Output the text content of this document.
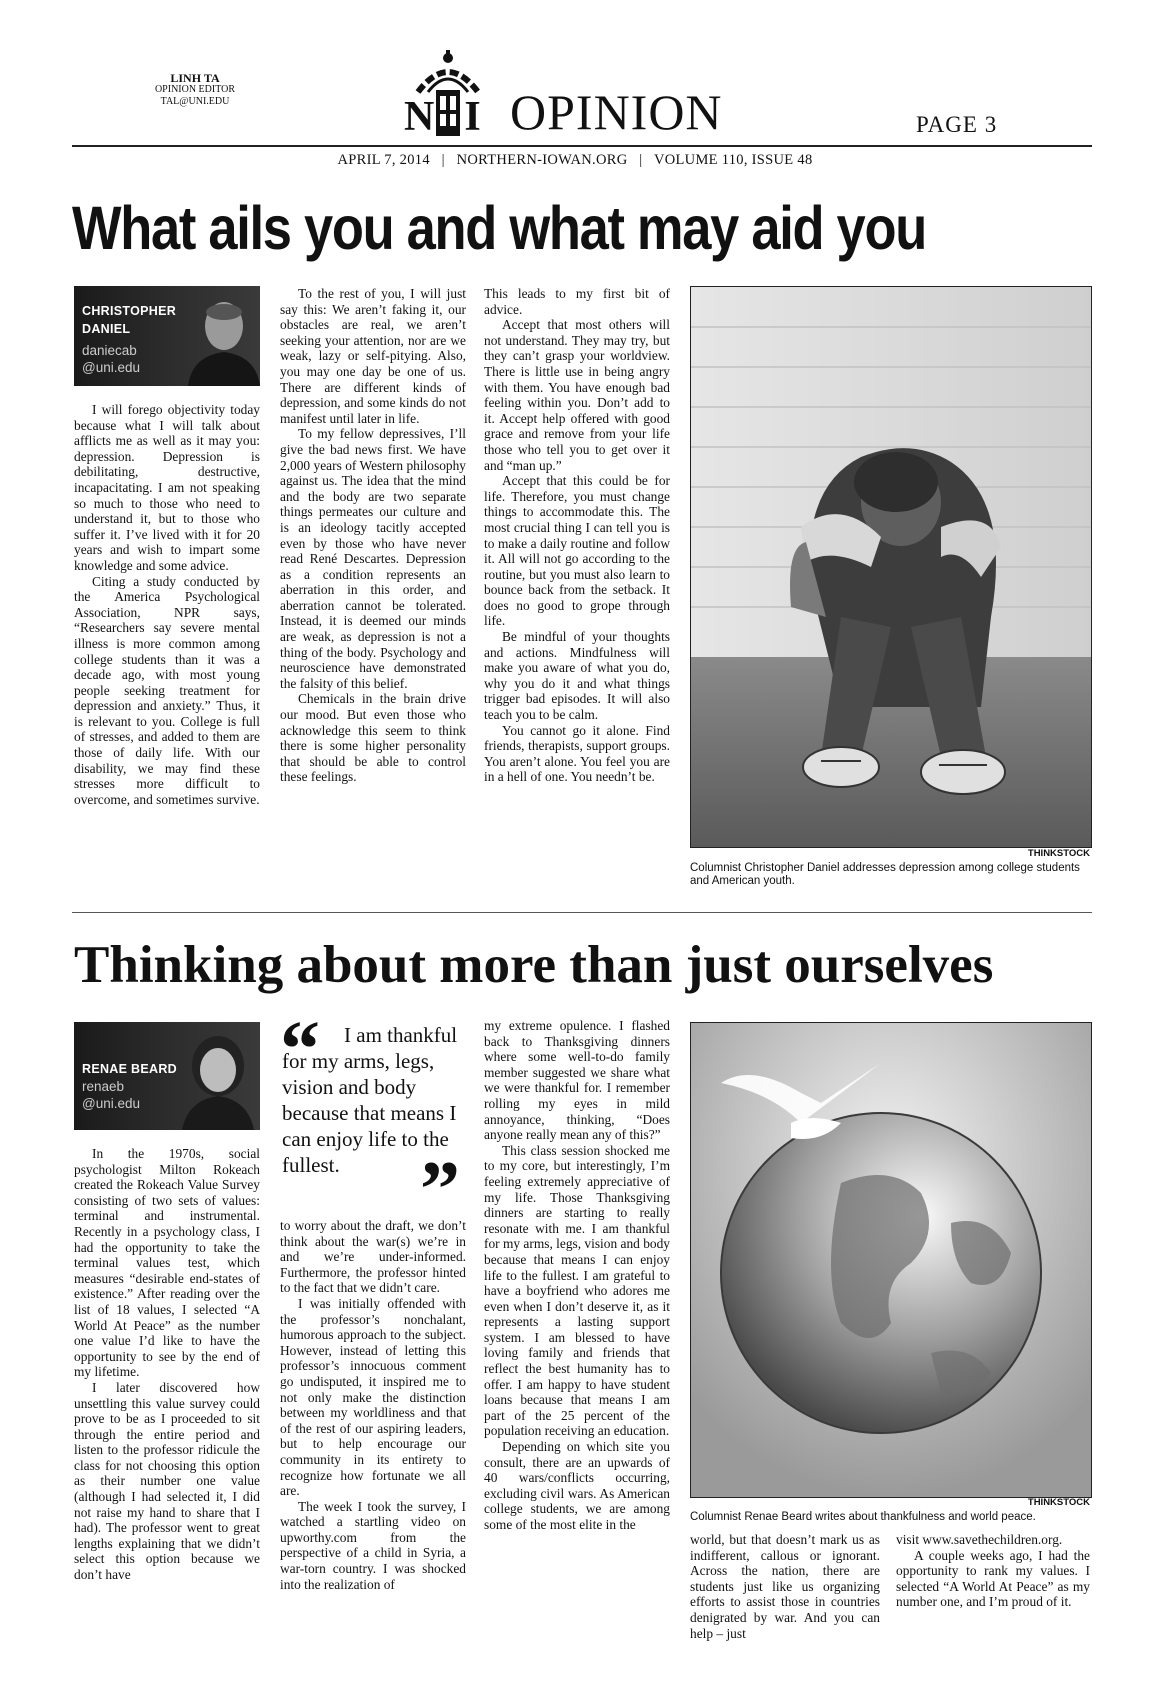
LINH TA
OPINION EDITOR
TAL@UNI.EDU	NI OPINION	PAGE 3
APRIL 7, 2014   |   NORTHERN-IOWAN.ORG   |   VOLUME 110, ISSUE 48
What ails you and what may aid you
CHRISTOPHER
DANIEL
daniecab
@uni.edu

I will forego objectivity today because what I will talk about afflicts me as well as it may you: depression. Depression is debilitating, destructive, incapacitating. I am not speaking so much to those who need to understand it, but to those who suffer it. I’ve lived with it for 20 years and wish to impart some knowledge and some advice.

Citing a study conducted by the America Psychological Association, NPR says, “Researchers say severe mental illness is more common among college students than it was a decade ago, with most young people seeking treatment for depression and anxiety.” Thus, it is relevant to you. College is full of stresses, and added to them are those of daily life. With our disability, we may find these stresses more difficult to overcome, and sometimes survive.

To the rest of you, I will just say this: We aren’t faking it, our obstacles are real, we aren’t seeking your attention, nor are we weak, lazy or self-pitying. Also, you may one day be one of us. There are different kinds of depression, and some kinds do not manifest until later in life.

To my fellow depressives, I’ll give the bad news first. We have 2,000 years of Western philosophy against us. The idea that the mind and the body are two separate things permeates our culture and is an ideology tacitly accepted even by those who have never read René Descartes. Depression as a condition represents an aberration in this order, and aberration cannot be tolerated. Instead, it is deemed our minds are weak, as depression is not a thing of the body. Psychology and neuroscience have demonstrated the falsity of this belief.

Chemicals in the brain drive our mood. But even those who acknowledge this seem to think there is some higher personality that should be able to control these feelings.

This leads to my first bit of advice.

Accept that most others will not understand. They may try, but they can’t grasp your worldview. There is little use in being angry with them. You have enough bad feeling within you. Don’t add to it. Accept help offered with good grace and remove from your life those who tell you to get over it and “man up.”

Accept that this could be for life. Therefore, you must change things to accommodate this. The most crucial thing I can tell you is to make a daily routine and follow it. All will not go according to the routine, but you must also learn to bounce back from the setback. It does no good to grope through life.

Be mindful of your thoughts and actions. Mindfulness will make you aware of what you do, why you do it and what things trigger bad episodes. It will also teach you to be calm.

You cannot go it alone. Find friends, therapists, support groups. You aren’t alone. You feel you are in a hell of one. You needn’t be.

THINKSTOCK
Columnist Christopher Daniel addresses depression among college students and American youth.
Thinking about more than just ourselves
RENAE BEARD
renaeb
@uni.edu

In the 1970s, social psychologist Milton Rokeach created the Rokeach Value Survey consisting of two sets of values: terminal and instrumental. Recently in a psychology class, I had the opportunity to take the terminal values test, which measures “desirable end-states of existence.” After reading over the list of 18 values, I selected “A World At Peace” as the number one value I’d like to have the opportunity to see by the end of my lifetime.

I later discovered how unsettling this value survey could prove to be as I proceeded to sit through the entire period and listen to the professor ridicule the class for not choosing this option as their number one value (although I had selected it, I did not raise my hand to share that I had). The professor went to great lengths explaining that we didn’t select this option because we don’t have

“	I am thankful for my arms, legs, vision and body because that means I can enjoy life to the fullest.	”

to worry about the draft, we don’t think about the war(s) we’re in and we’re under-informed. Furthermore, the professor hinted to the fact that we didn’t care.

I was initially offended with the professor’s nonchalant, humorous approach to the subject. However, instead of letting this professor’s innocuous comment go undisputed, it inspired me to not only make the distinction between my worldliness and that of the rest of our aspiring leaders, but to help encourage our community in its entirety to recognize how fortunate we all are.

The week I took the survey, I watched a startling video on upworthy.com from the perspective of a child in Syria, a war-torn country. I was shocked into the realization of

my extreme opulence. I flashed back to Thanksgiving dinners where some well-to-do family member suggested we share what we were thankful for. I remember rolling my eyes in mild annoyance, thinking, “Does anyone really mean any of this?”

This class session shocked me to my core, but interestingly, I’m feeling extremely appreciative of my life. Those Thanksgiving dinners are starting to really resonate with me. I am thankful for my arms, legs, vision and body because that means I can enjoy life to the fullest. I am grateful to have a boyfriend who adores me even when I don’t deserve it, as it represents a lasting support system. I am blessed to have loving family and friends that reflect the best humanity has to offer. I am happy to have student loans because that means I am part of the 25 percent of the population receiving an education.

Depending on which site you consult, there are an upwards of 40 wars/conflicts occurring, excluding civil wars. As American college students, we are among some of the most elite in the

THINKSTOCK
Columnist Renae Beard writes about thankfulness and world peace.

world, but that doesn’t mark us as indifferent, callous or ignorant. Across the nation, there are students just like us organizing efforts to assist those in countries denigrated by war. And you can help – just

visit www.savethechildren.org.

A couple weeks ago, I had the opportunity to rank my values. I selected “A World At Peace” as my number one, and I’m proud of it.
